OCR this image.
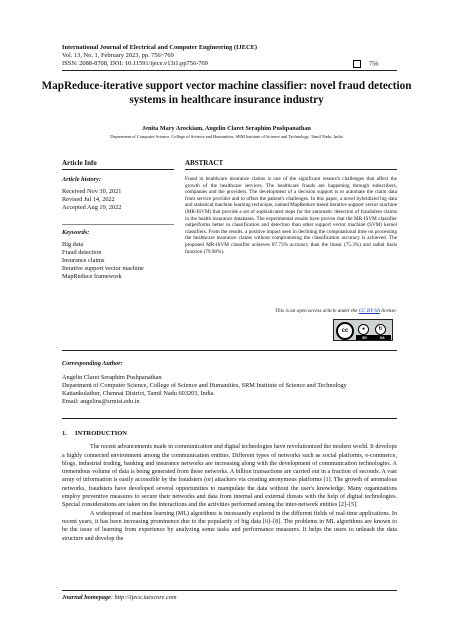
International Journal of Electrical and Computer Engineering (IJECE)
Vol. 13, No. 1, February 2023, pp. 756~769
ISSN: 2088-8708, DOI: 10.11591/ijece.v13i1.pp756-769	756
MapReduce-iterative support vector machine classifier: novel fraud detection systems in healthcare insurance industry
Jenita Mary Arockiam, Angelin Claret Seraphim Pushpanathan
Department of Computer Science, College of Science and Humanities, SRM Institute of Science and Technology, Tamil Nadu, India
Article Info	ABSTRACT
Article history:
Received Nov 30, 2021
Revised Jul 14, 2022
Accepted Aug 19, 2022
Keywords:
Big data
Fraud detection
Insurance claims
Iterative support vector machine
MapReduce framework
Fraud in healthcare insurance claims is one of the significant research challenges that affect the growth of the healthcare services. The healthcare frauds are happening through subscribers, companies and the providers. The development of a decision support is to automate the claim data from service provider and to offset the patient's challenges. In this paper, a novel hybridized big data and statistical machine learning technique, named MapReduce based iterative support vector machine (MR-ISVM) that provide a set of sophisticated steps for the automatic detection of fraudulent claims in the health insurance databases. The experimental results have proven that the MR-ISVM classifier outperforms better in classification and detection than other support vector machine (SVM) kernel classifiers. From the results, a positive impact seen in declining the computational time on processing the healthcare insurance claims without compromising the classification accuracy is achieved. The proposed MR-ISVM classifier achieves 87.73% accuracy than the linear (75.3%) and radial basis function (79.98%).
This is an open access article under the CC BY-SA license.
cc	●	↻
BY	SA
Corresponding Author:
Angelin Claret Seraphim Pushpanathan
Department of Computer Science, College of Science and Humanities, SRM Institute of Science and Technology
Kattankulathur, Chennai District, Tamil Nadu 603203, India
Email: angelins@srmist.edu.in
1.     INTRODUCTION

The recent advancements made in communication and digital technologies have revolutionized the modern world. It develops a highly connected environment among the communication entities. Different types of networks such as social platforms, e-commerce, blogs, industrial trading, banking and insurance networks are increasing along with the development of communication technologies. A tremendous volume of data is being generated from these networks. A billion transactions are carried out in a fraction of seconds. A vast array of information is easily accessible by the fraudsters (or) attackers via creating anonymous platforms [1]. The growth of anomalous networks, fraudsters have developed several opportunities to manipulate the data without the user's knowledge. Many organizations employ preventive measures to secure their networks and data from internal and external threats with the help of digital technologies. Special considerations are taken on the interactions and the activities performed among the inter-network entities [2]–[5].

A widespread of machine learning (ML) algorithms is incessantly explored in the different fields of real-time applications. In recent years, it has been increasing prominence due to the popularity of big data [6]–[8]. The problems in ML algorithms are known to be the issue of learning from experience by analyzing some tasks and performance measures. It helps the users to unleash the data structure and develop the

Journal homepage: http://ijece.iaescore.com
